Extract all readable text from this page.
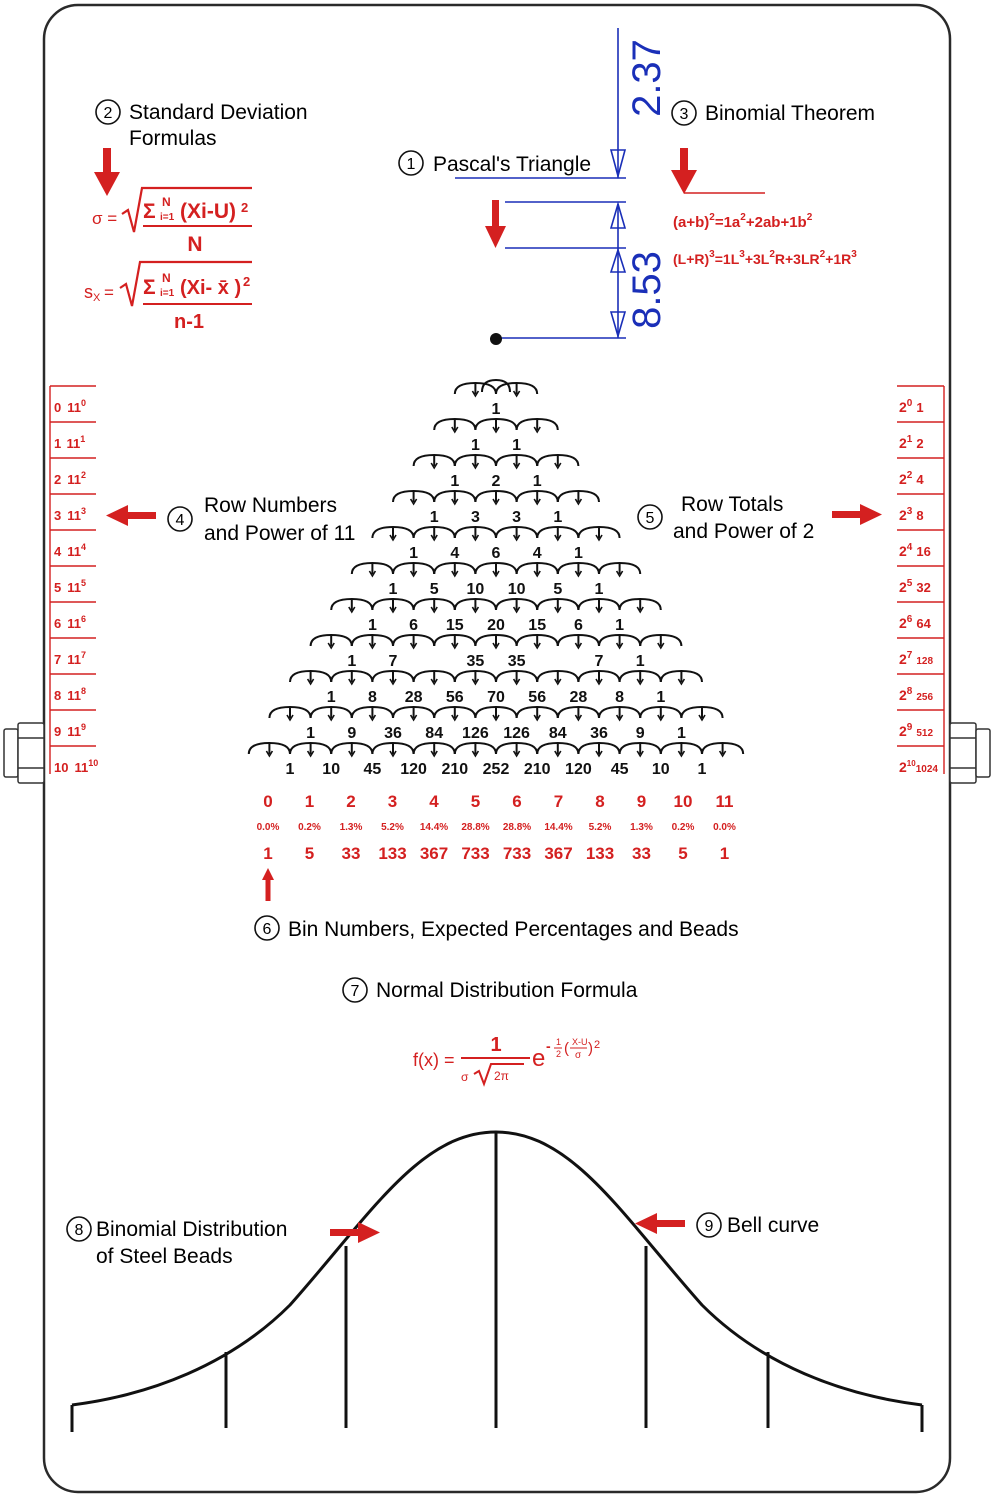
1 Pascal's Triangle
2.37
8.53
2 Standard Deviation
Formulas
σ = Σ N
i=1 (Xi-U) 2
N
s X = Σ N
i=1 (Xi- x̄ ) 2
n-1
3 Binomial Theorem
$(a+b)^2=1a^2+2ab+1b^2$
$(L+R)^3=1L^3+3L^2R+3LR^2+1R^3$
4
Row Numbers
and Power of 11
5
Row Totals
and Power of 2
0 $11^0$
1 $11^1$
2 $11^2$
3 $11^3$
4 $11^4$
5 $11^5$
6 $11^6$
7 $11^7$
8 $11^8$
9 $11^9$
10 $11^{10}$
$2^0$ 1
$2^1$ 2
$2^2$ 4
$2^3$ 8
$2^4$ 16
$2^5$ 32
$2^6$ 64
$2^7_{128}$
$2^8_{256}$
$2^9_{512}$
$2^{10}_{1024}$
1
1 1
1 2 1
1 3 3 1
1 4 6 4 1
1 5 10 10 5 1
1 6 15 20 15 6 1
1 7	35 35	7 1
1 8 28 56 70 56 28 8 1
1 9 36 84 126 126 84 36 9 1
1 10 45 120 210 252 210 120 45 10 1
0
0.0%
1
1
0.2%
5
2
1.3%
33
3
5.2%
133
4
14.4%
367
5
28.8%
733
6
28.8%
733
7
14.4%
367
8
5.2%
133
9
1.3%
33
10
0.2%
5
11
0.0%
1
6 Bin Numbers, Expected Percentages and Beads
7 Normal Distribution Formula
f(x) =
1
σ 2π
e - 1
2 ( X-U
σ ) 2
8 Binomial Distribution
of Steel Beads
9 Bell curve
